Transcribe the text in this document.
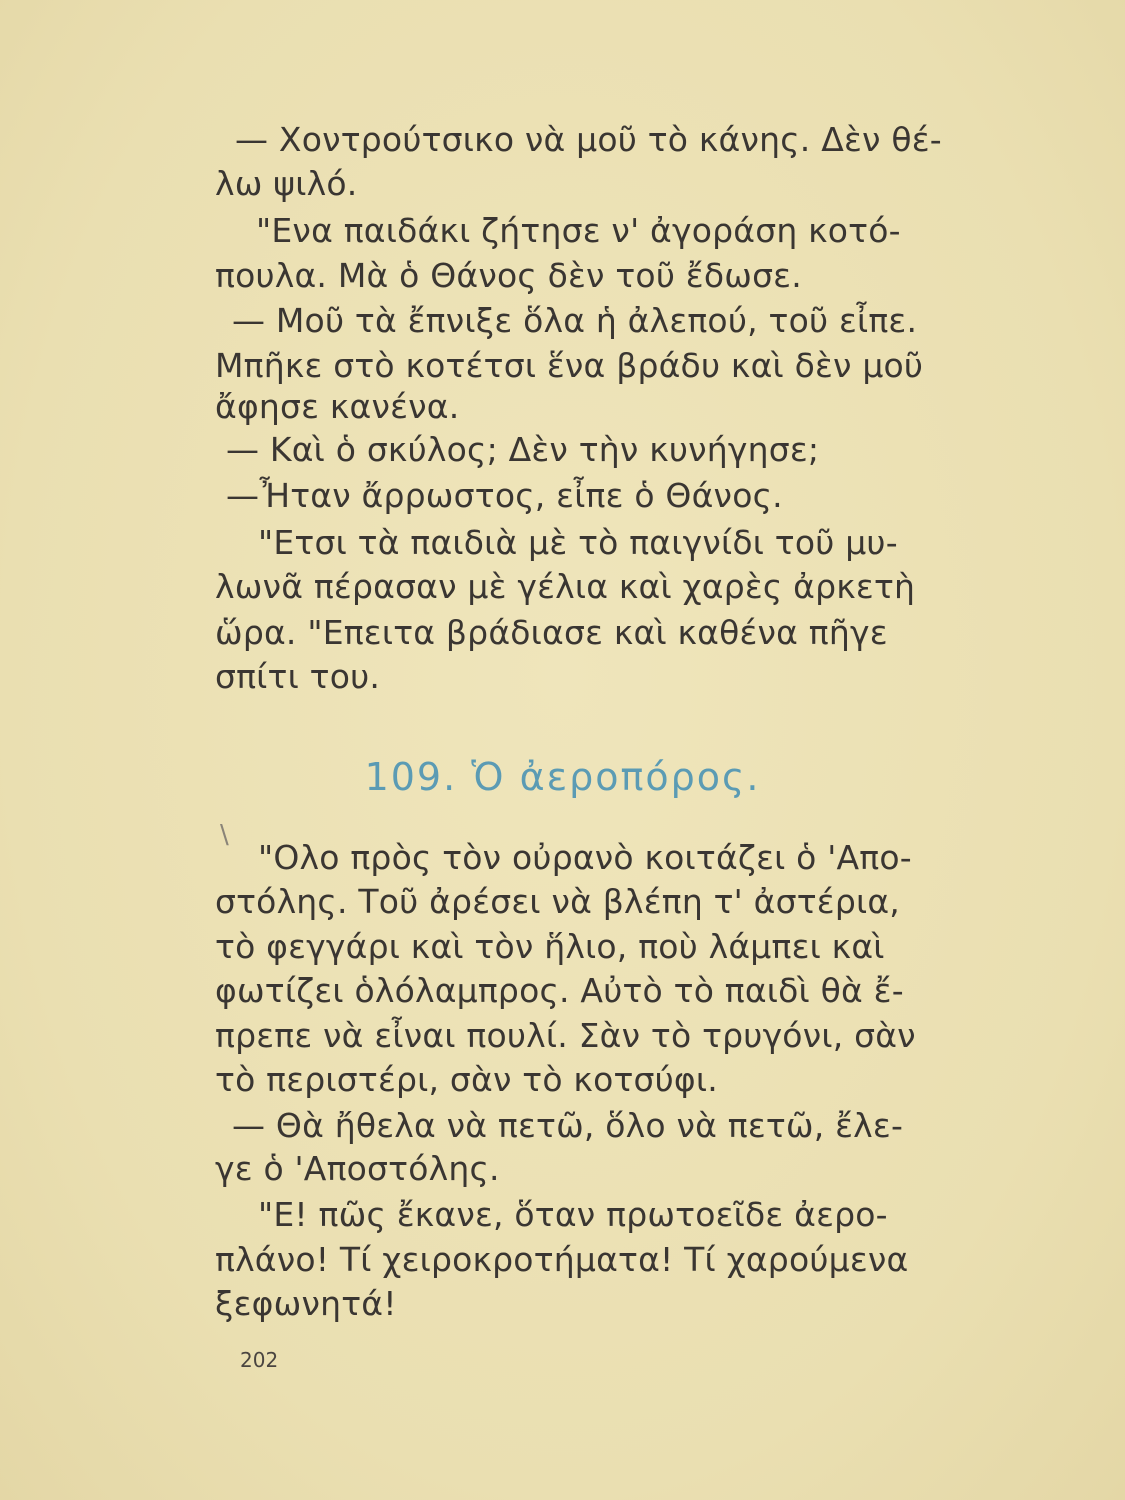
— Χοντρούτσικο νὰ μοῦ τὸ κάνης. Δὲν θέ-
λω ψιλό.
"Ενα παιδάκι ζήτησε ν' ἀγοράση κοτό-
πουλα. Μὰ ὁ Θάνος δὲν τοῦ ἔδωσε.
— Μοῦ τὰ ἔπνιξε ὅλα ἡ ἀλεπού, τοῦ εἶπε.
Μπῆκε στὸ κοτέτσι ἕνα βράδυ καὶ δὲν μοῦ
ἄφησε κανένα.
— Καὶ ὁ σκύλος; Δὲν τὴν κυνήγησε;
—Ἦταν ἄρρωστος, εἶπε ὁ Θάνος.
"Ετσι τὰ παιδιὰ μὲ τὸ παιγνίδι τοῦ μυ-
λωνᾶ πέρασαν μὲ γέλια καὶ χαρὲς ἀρκετὴ
ὥρα. "Επειτα βράδιασε καὶ καθένα πῆγε
σπίτι του.
109. Ὁ ἀεροπόρος.
\
"Ολο πρὸς τὸν οὐρανὸ κοιτάζει ὁ 'Απο-
στόλης. Τοῦ ἀρέσει νὰ βλέπη τ' ἀστέρια,
τὸ φεγγάρι καὶ τὸν ἥλιο, ποὺ λάμπει καὶ
φωτίζει ὁλόλαμπρος. Αὐτὸ τὸ παιδὶ θὰ ἔ-
πρεπε νὰ εἶναι πουλί. Σὰν τὸ τρυγόνι, σὰν
τὸ περιστέρι, σὰν τὸ κοτσύφι.
— Θὰ ἤθελα νὰ πετῶ, ὅλο νὰ πετῶ, ἔλε-
γε ὁ 'Αποστόλης.
"Ε! πῶς ἔκανε, ὅταν πρωτοεῖδε ἀερο-
πλάνο! Τί χειροκροτήματα! Τί χαρούμενα
ξεφωνητά!
202
